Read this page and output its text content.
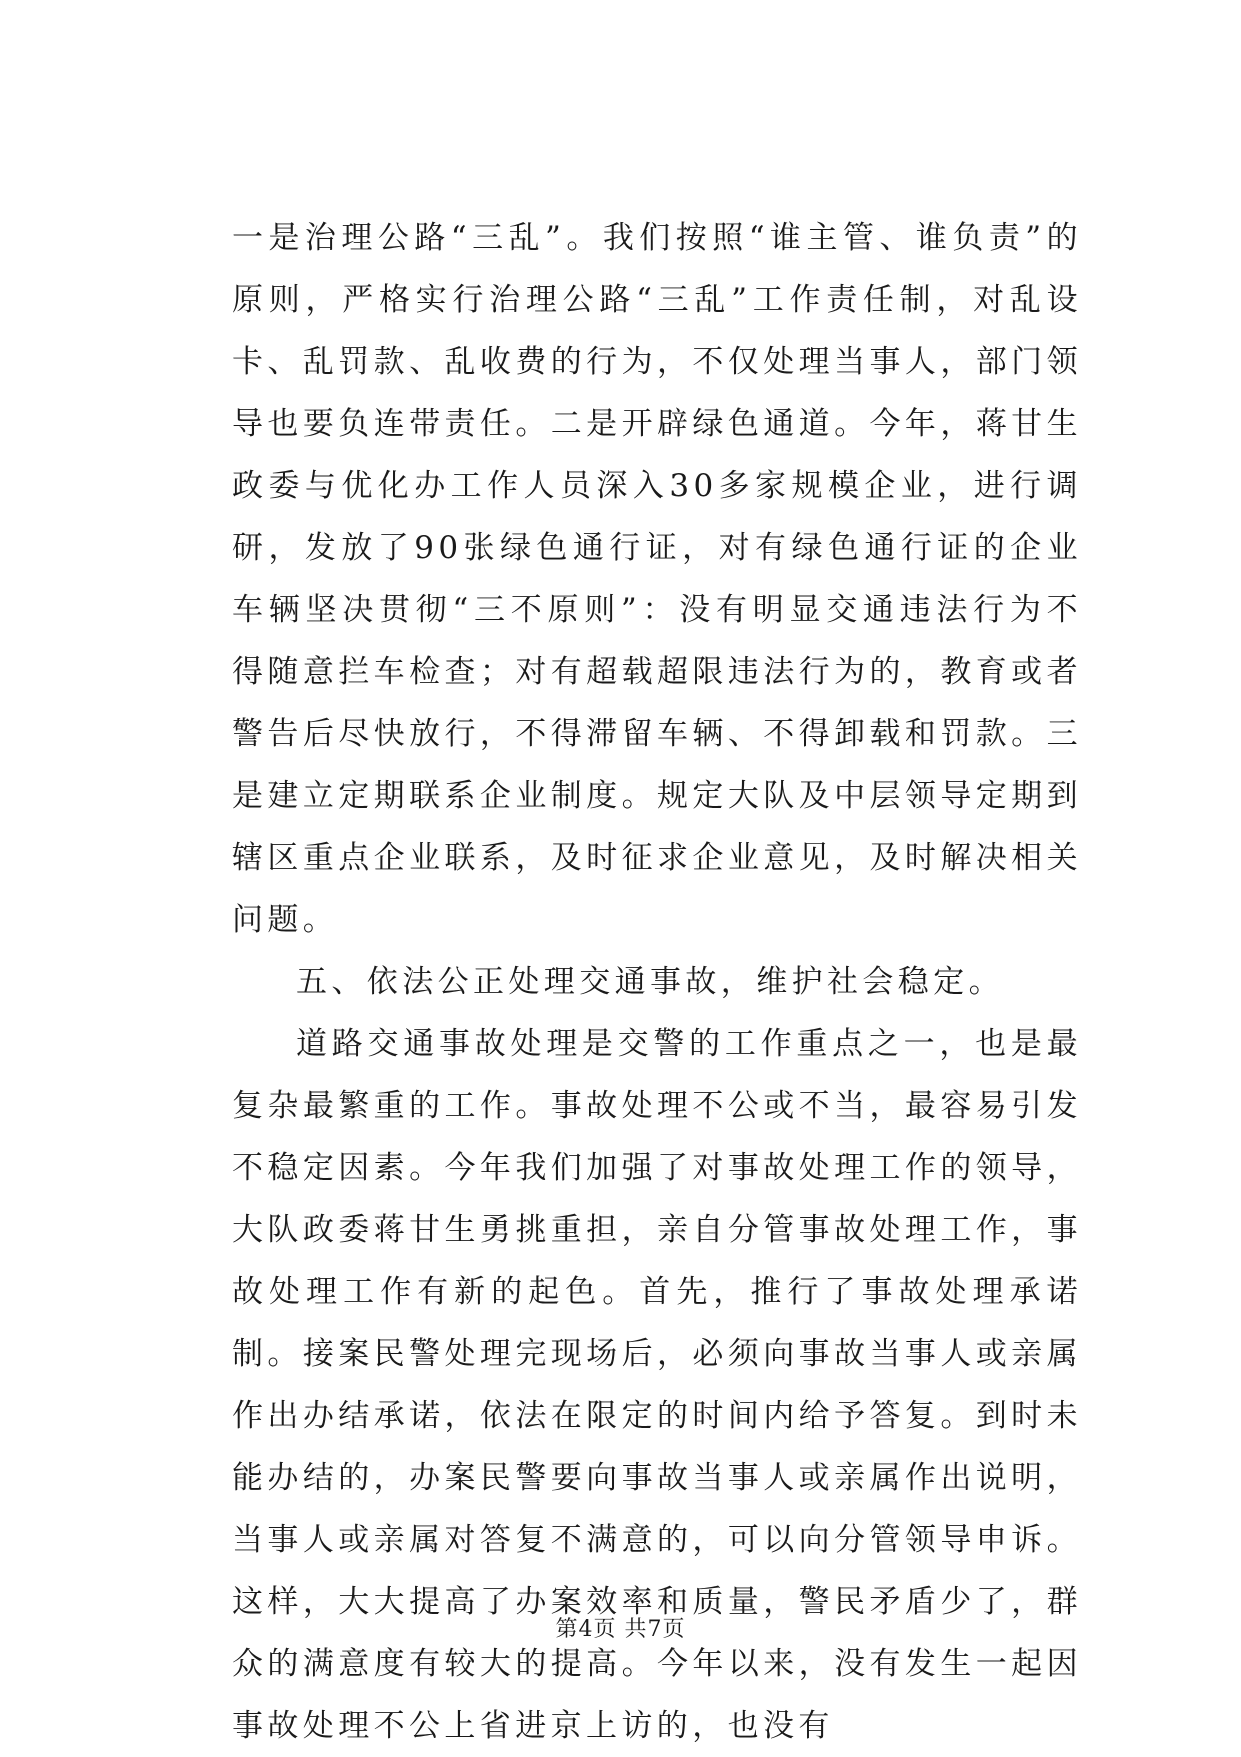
一是治理公路“三乱”。我们按照“谁主管、谁负责”的原则，严格实行治理公路“三乱”工作责任制，对乱设卡、乱罚款、乱收费的行为，不仅处理当事人，部门领导也要负连带责任。二是开辟绿色通道。今年，蒋甘生政委与优化办工作人员深入30多家规模企业，进行调研，发放了90张绿色通行证，对有绿色通行证的企业车辆坚决贯彻“三不原则”：没有明显交通违法行为不得随意拦车检查；对有超载超限违法行为的，教育或者警告后尽快放行，不得滞留车辆、不得卸载和罚款。三是建立定期联系企业制度。规定大队及中层领导定期到辖区重点企业联系，及时征求企业意见，及时解决相关问题。

五、依法公正处理交通事故，维护社会稳定。

道路交通事故处理是交警的工作重点之一，也是最复杂最繁重的工作。事故处理不公或不当，最容易引发不稳定因素。今年我们加强了对事故处理工作的领导，大队政委蒋甘生勇挑重担，亲自分管事故处理工作，事故处理工作有新的起色。首先，推行了事故处理承诺制。接案民警处理完现场后，必须向事故当事人或亲属作出办结承诺，依法在限定的时间内给予答复。到时未能办结的，办案民警要向事故当事人或亲属作出说明，当事人或亲属对答复不满意的，可以向分管领导申诉。这样，大大提高了办案效率和质量，警民矛盾少了，群众的满意度有较大的提高。今年以来，没有发生一起因事故处理不公上省进京上访的，也没有

第4页 共7页
